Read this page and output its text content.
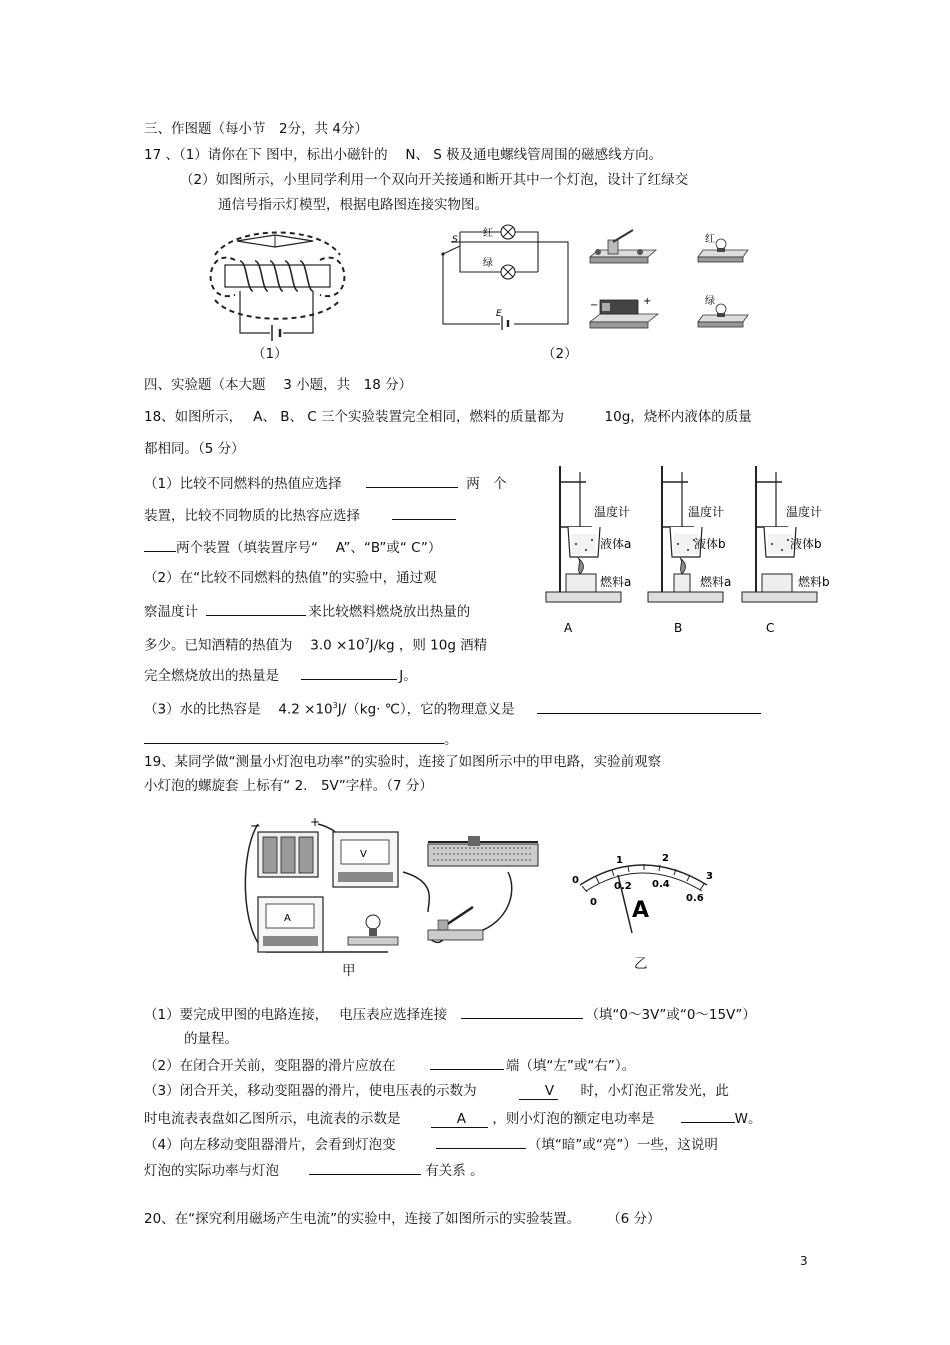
三、作图题（每小节　2分，共 4分）
17 、（1）请你在下 图中，标出小磁针的　 N、 S 极及通电螺线管周围的磁感线方向。
（2）如图所示，小里同学利用一个双向开关接通和断开其中一个灯泡，设计了红绿交
通信号指示灯模型，根据电路图连接实物图。
（1）
S
红
绿
E
红
−	+	绿
（2）
四、实验题（本大题　 3 小题，共　18 分）
18、如图所示，　 A、 B、 C 三个实验装置完全相同，燃料的质量都为　　　10g，烧杯内液体的质量
都相同。（5 分）
（1）比较不同燃料的热值应选择	两　个
装置，比较不同物质的比热容应选择
两个装置（填装置序号“　 A”、“B”或“ C”）
（2）在“比较不同燃料的热值”的实验中，通过观
察温度计	来比较燃料燃烧放出热量的
多少。已知酒精的热值为　 $3.0 \times 10^7J/kg$ ，则 10g 酒精
完全燃烧放出的热量是	J。
（3）水的比热容是　 $4.2 \times 10^3J/(kg\cdot$ ℃），它的物理意义是
。
温度计
液体a
燃料a
温度计
液体b
燃料a
温度计
液体b
燃料b
A	B	C
19、某同学做“测量小灯泡电功率”的实验时，连接了如图所示中的甲电路，实验前观察
小灯泡的螺旋套 上标有“ 2.　5V”字样。（7 分）
−	+
V
A
甲
0
1	2
3
0
0.2 0.4
0.6
A
乙
（1）要完成甲图的电路连接，　 电压表应选择连接	（填“0～3V”或“0～15V”）
的量程。
（2）在闭合开关前，变阻器的滑片应放在	端（填“左”或“右”）。
（3）闭合开关，移动变阻器的滑片，使电压表的示数为	V 时，小灯泡正常发光，此
时电流表表盘如乙图所示，电流表的示数是	A ，则小灯泡的额定电功率是	W。
（4）向左移动变阻器滑片，会看到灯泡变	（填“暗”或“亮”）一些，这说明
灯泡的实际功率与灯泡	有关系 。
20、在“探究利用磁场产生电流”的实验中，连接了如图所示的实验装置。　　　（6 分）
3
